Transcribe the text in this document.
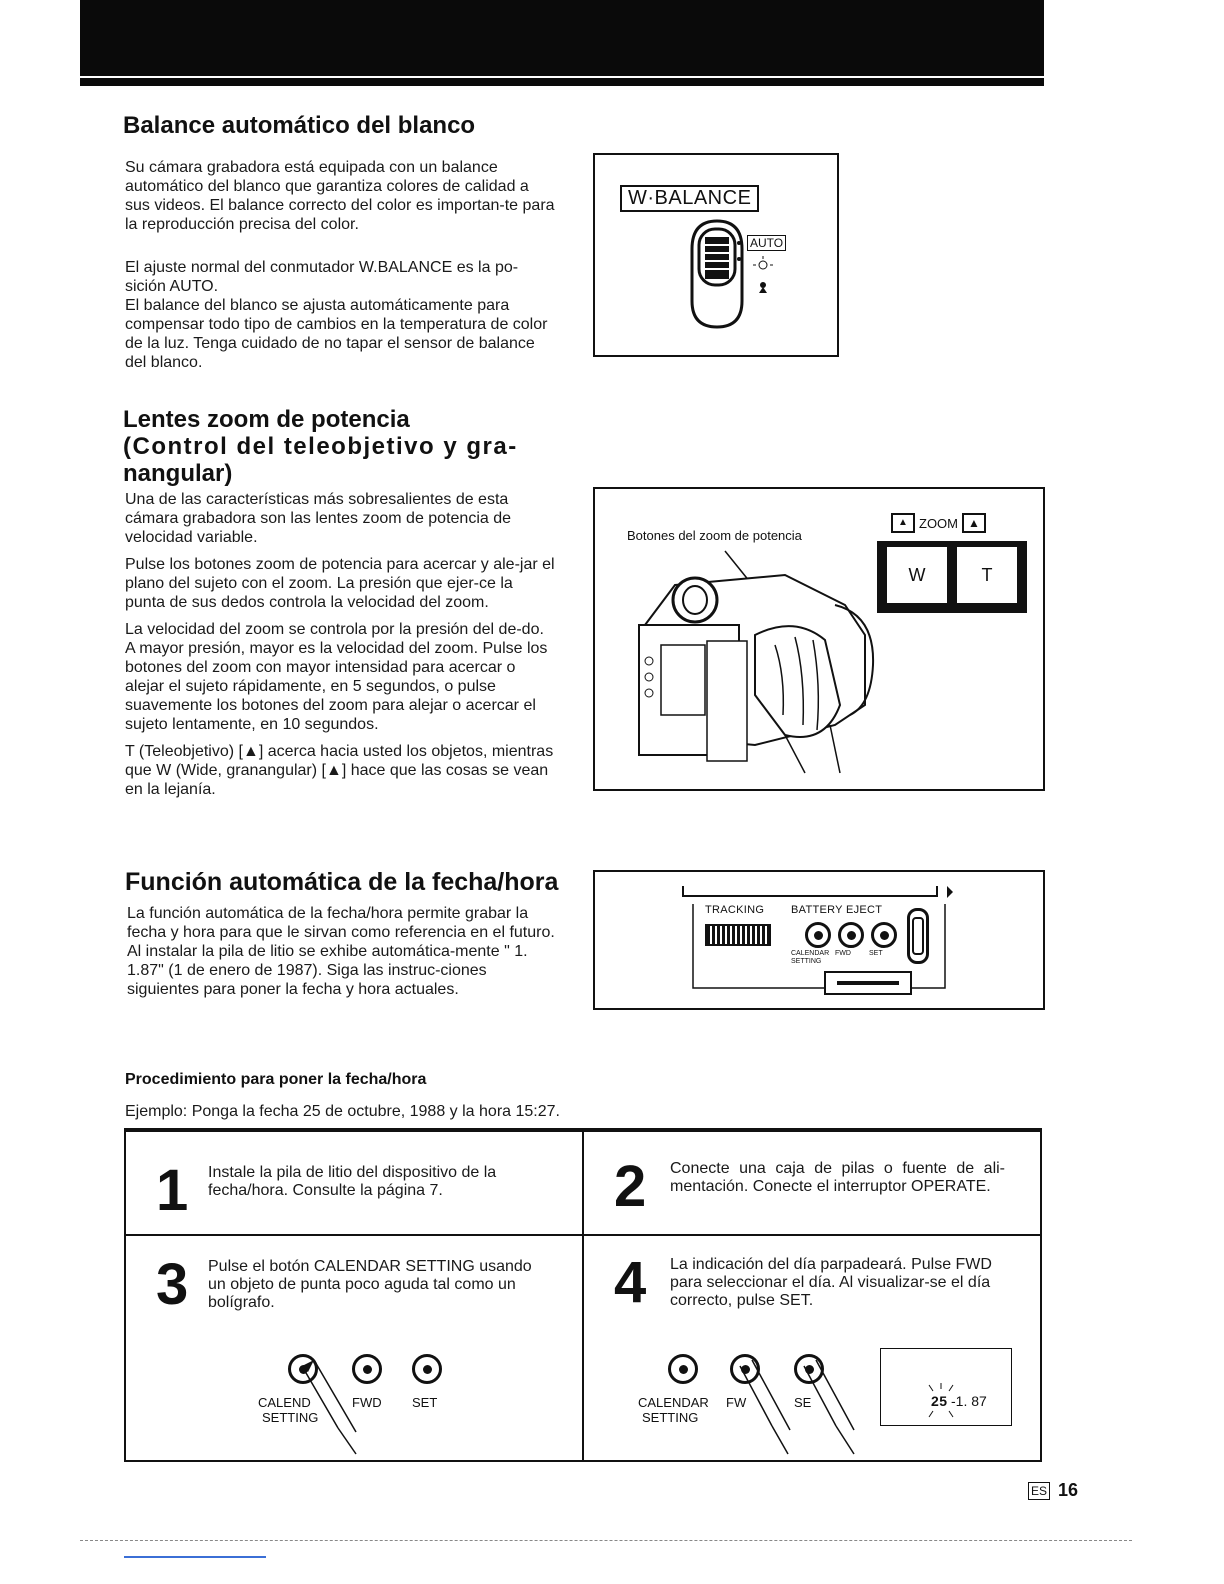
Balance automático del blanco

Su cámara grabadora está equipada con un balance automático del blanco que garantiza colores de calidad a sus videos. El balance correcto del color es importan-te para la reproducción precisa del color.

El ajuste normal del conmutador W.BALANCE es la po-sición AUTO.

El balance del blanco se ajusta automáticamente para compensar todo tipo de cambios en la temperatura de color de la luz. Tenga cuidado de no tapar el sensor de balance del blanco.

W·BALANCE
AUTO
Lentes zoom de potencia
(Control del teleobjetivo y gra-
nangular)

Una de las características más sobresalientes de esta cámara grabadora son las lentes zoom de potencia de velocidad variable.

Pulse los botones zoom de potencia para acercar y ale-jar el plano del sujeto con el zoom. La presión que ejer-ce la punta de sus dedos controla la velocidad del zoom.

La velocidad del zoom se controla por la presión del de-do. A mayor presión, mayor es la velocidad del zoom. Pulse los botones del zoom con mayor intensidad para acercar o alejar el sujeto rápidamente, en 5 segundos, o pulse suavemente los botones del zoom para alejar o acercar el sujeto lentamente, en 10 segundos.

T (Teleobjetivo) [▲] acerca hacia usted los objetos, mientras que W (Wide, granangular) [▲] hace que las cosas se vean en la lejanía.

Botones del zoom de potencia
▲ ZOOM ▲
W	T
Función automática de la fecha/hora

La función automática de la fecha/hora permite grabar la fecha y hora para que le sirvan como referencia en el futuro. Al instalar la pila de litio se exhibe automática-mente " 1. 1.87" (1 de enero de 1987). Siga las instruc-ciones siguientes para poner la fecha y hora actuales.

TRACKING BATTERY EJECT
CALENDAR SETTING
FWD	SET
Procedimiento para poner la fecha/hora
Ejemplo: Ponga la fecha 25 de octubre, 1988 y la hora 15:27.
1 Instale la pila de litio del dispositivo de la fecha/hora. Consulte la página 7.	2 Conecte una caja de pilas o fuente de ali-mentación. Conecte el interruptor OPERATE.
3 Pulse el botón CALENDAR SETTING usando un objeto de punta poco aguda tal como un bolígrafo.
CALEND
SETTING
FWD SET
4 La indicación del día parpadeará. Pulse FWD para seleccionar el día. Al visualizar-se el día correcto, pulse SET.
CALENDAR
SETTING
FW	SE	25 -1. 87
ES 16
